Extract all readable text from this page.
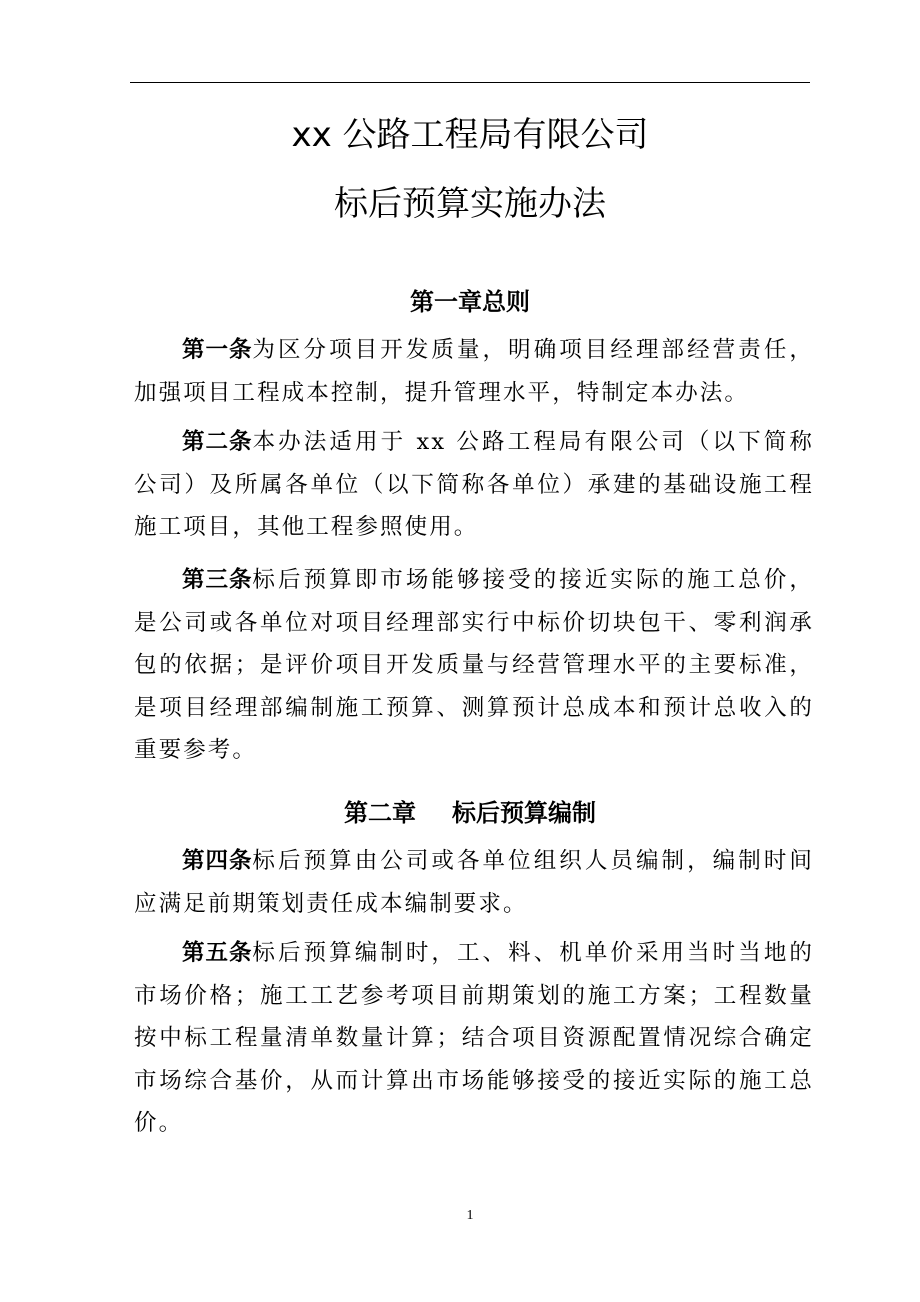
xx 公路工程局有限公司
标后预算实施办法
第一章总则

第一条为区分项目开发质量，明确项目经理部经营责任，加强项目工程成本控制，提升管理水平，特制定本办法。

第二条本办法适用于 xx 公路工程局有限公司（以下简称公司）及所属各单位（以下简称各单位）承建的基础设施工程施工项目，其他工程参照使用。

第三条标后预算即市场能够接受的接近实际的施工总价，是公司或各单位对项目经理部实行中标价切块包干、零利润承包的依据；是评价项目开发质量与经营管理水平的主要标准，是项目经理部编制施工预算、测算预计总成本和预计总收入的重要参考。

第二章 标后预算编制

第四条标后预算由公司或各单位组织人员编制，编制时间应满足前期策划责任成本编制要求。

第五条标后预算编制时，工、料、机单价采用当时当地的市场价格；施工工艺参考项目前期策划的施工方案；工程数量按中标工程量清单数量计算；结合项目资源配置情况综合确定市场综合基价，从而计算出市场能够接受的接近实际的施工总价。

1
